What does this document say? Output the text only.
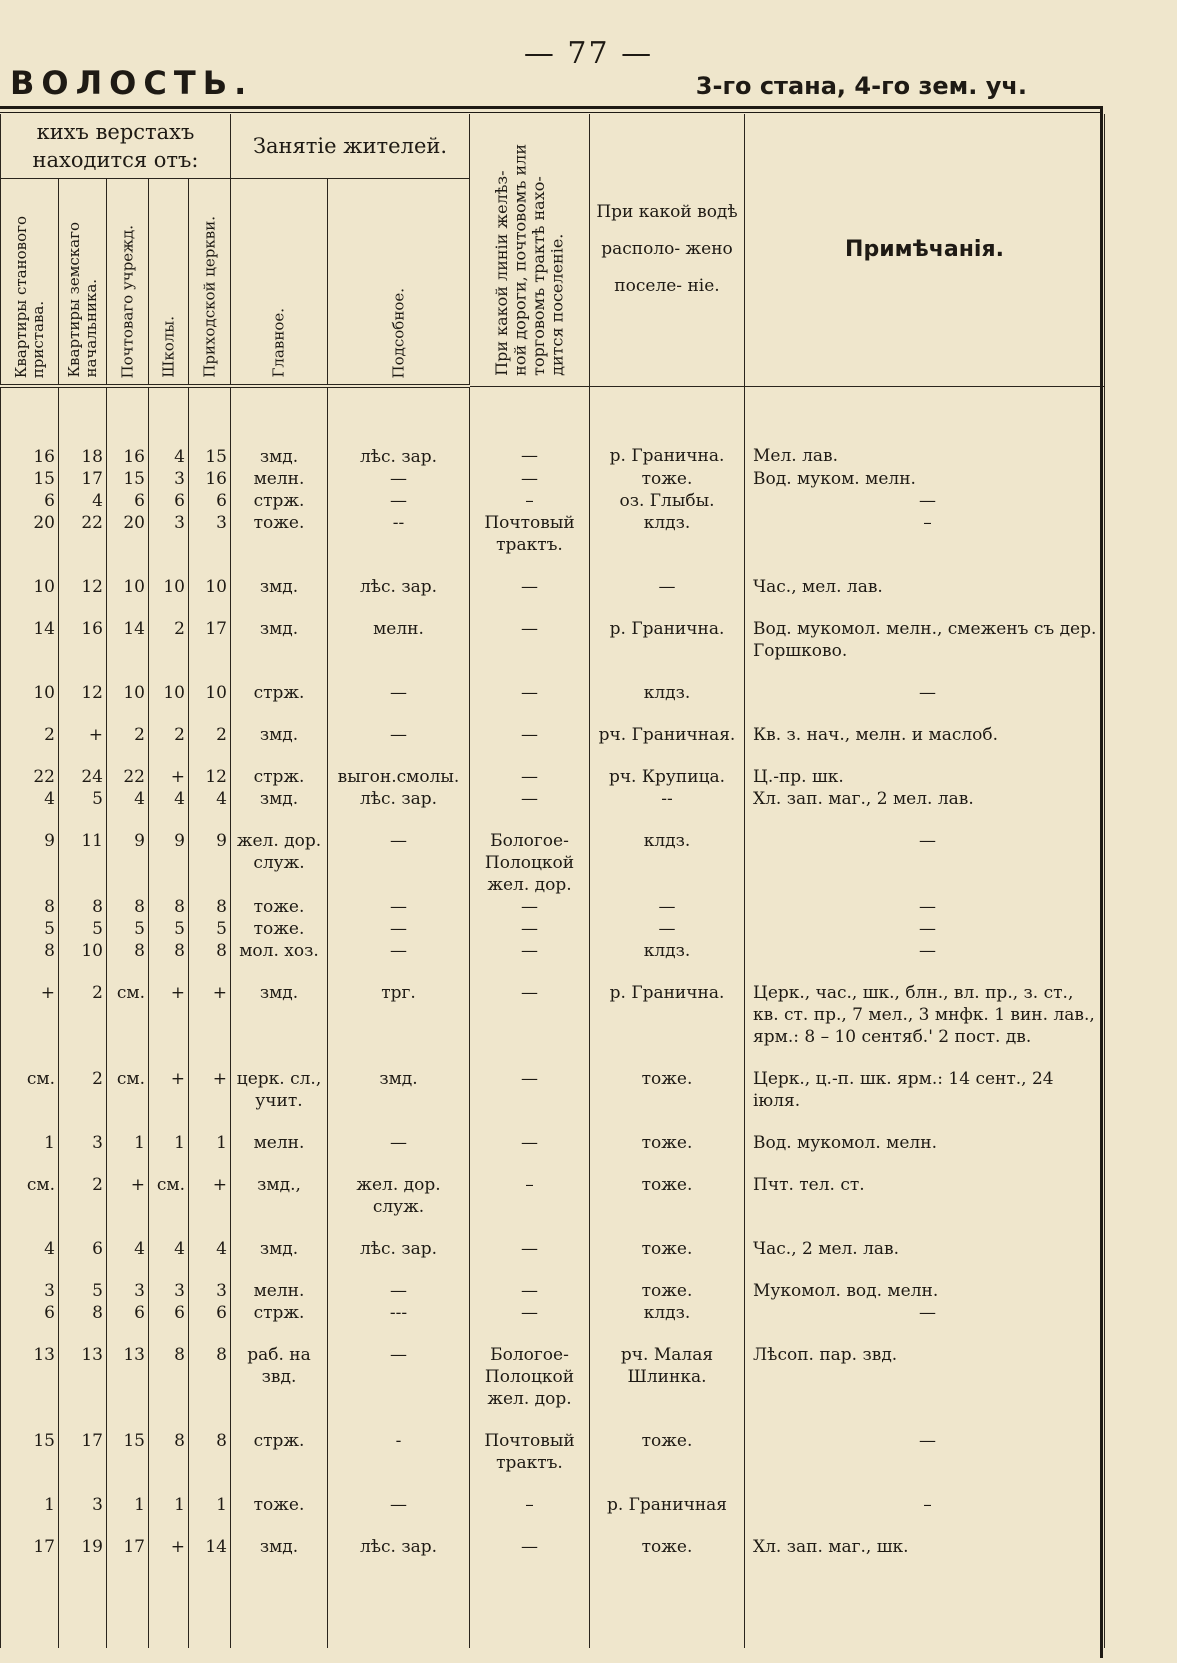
— 77 —
ВОЛОСТЬ.	3-го стана, 4-го зем. уч.
кихъ верстахъ находится отъ:					Занятіе жителей.		При какой линіи желѣз-
ной дороги, почтовомъ или
торговомъ трактѣ нахо-
дится поселеніе.	При какой водѣ располо- жено поселе- ніе.	Примѣчанія.

Квартиры станового
пристава.	Квартиры земскаго
начальника.	Почтоваго учрежд.	Школы.	Приходской церкви.	Главное.	Подсобное.			

16	18	16	4	15	змд.	лѣс. зар.	—	р. Граничнa.	Мел. лав.
15	17	15	3	16	мелн.	—	—	тоже.	Вод. муком. мелн.
6	4	6	6	6	стрж.	—	–	оз. Глыбы.	—
20	22	20	3	3	тоже.	--	Почтовый трактъ.	клдз.	–
10	12	10	10	10	змд.	лѣс. зар.	—	—	Час., мел. лав.
14	16	14	2	17	змд.	мелн.	—	р. Граничнa.	Вод. мукомол. мелн., смеженъ съ дер. Горшково.
10	12	10	10	10	стрж.	—	—	клдз.	—
2	+	2	2	2	змд.	—	—	рч. Граничная.	Кв. з. нач., мелн. и маслоб.
22	24	22	+	12	стрж.	выгон.смолы.	—	рч. Крупица.	Ц.-пр. шк.
4	5	4	4	4	змд.	лѣс. зар.	—	--	Хл. зап. маг., 2 мел. лав.
9	11	9	9	9	жел. дор. служ.	—	Бологое-Полоцкой жел. дор.	клдз.	—
8	8	8	8	8	тоже.	—	—	—	—
5	5	5	5	5	тоже.	—	—	—	—
8	10	8	8	8	мол. хоз.	—	—	клдз.	—
+	2	см.	+	+	змд.	трг.	—	р. Граничнa.	Церк., час., шк., блн., вл. пр., з. ст., кв. ст. пр., 7 мел., 3 мнфк. 1 вин. лав., ярм.: 8 – 10 сентяб.' 2 пост. дв.
см.	2	см.	+	+	церк. сл., учит.	змд.	—	тоже.	Церк., ц.-п. шк. ярм.: 14 сент., 24 іюля.
1	3	1	1	1	мелн.	—	—	тоже.	Вод. мукомол. мелн.
см.	2	+	см.	+	змд.,	жел. дор. служ.	–	тоже.	Пчт. тел. ст.
4	6	4	4	4	змд.	лѣс. зар.	—	тоже.	Час., 2 мел. лав.
3	5	3	3	3	мелн.	—	—	тоже.	Мукомол. вод. мелн.
6	8	6	6	6	стрж.	---	—	клдз.	—
13	13	13	8	8	раб. на звд.	—	Бологое-Полоцкой жел. дор.	рч. Малая Шлинка.	Лѣсоп. пар. звд.
15	17	15	8	8	стрж.	-	Почтовый трактъ.	тоже.	—
1	3	1	1	1	тоже.	—	–	р. Граничная	–
17	19	17	+	14	змд.	лѣс. зар.	—	тоже.	Хл. зап. маг., шк.
